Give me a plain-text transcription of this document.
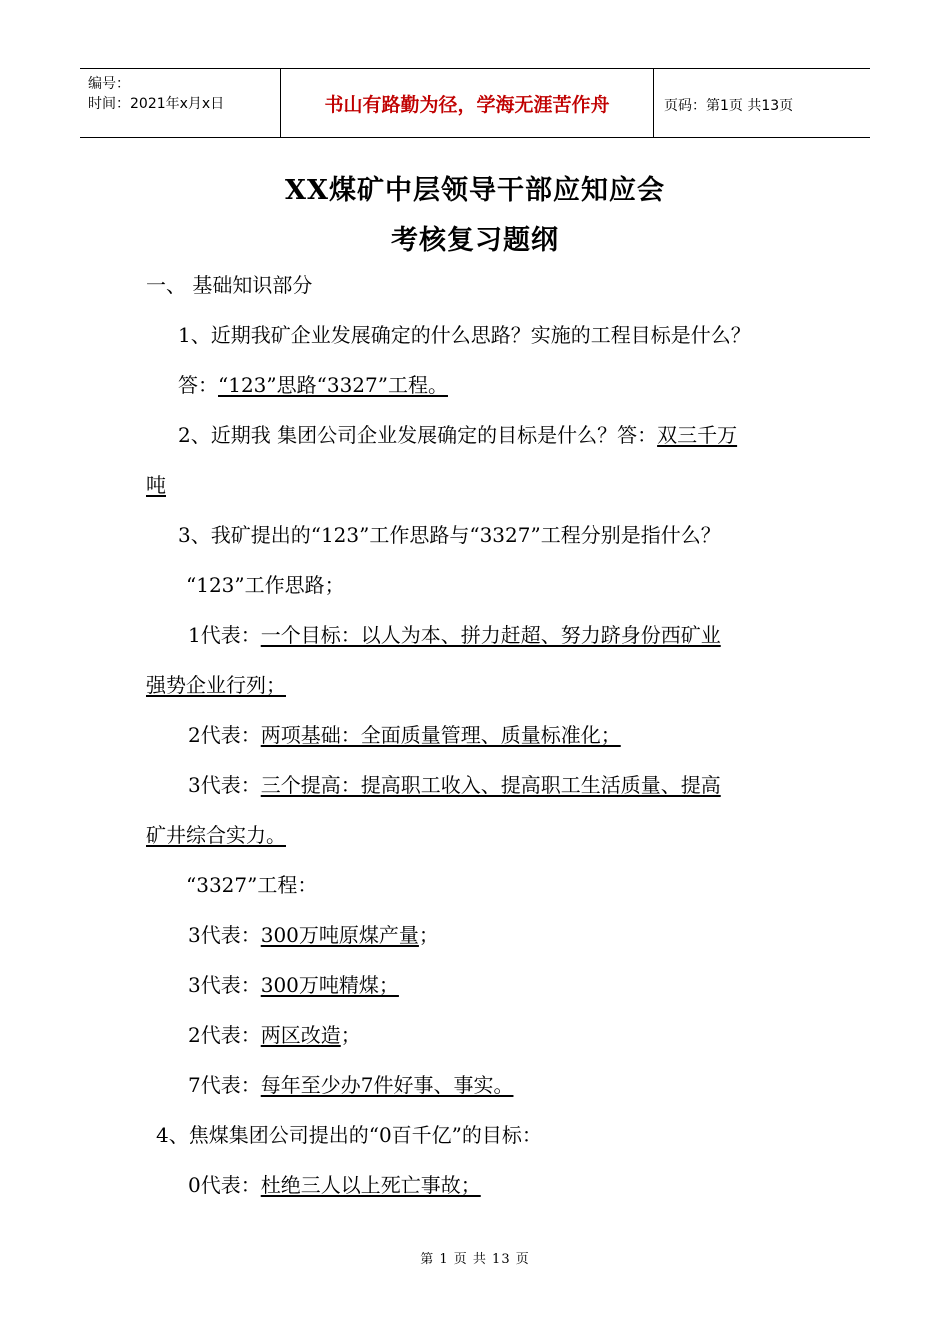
编号：
时间：2021年x月x日	书山有路勤为径，学海无涯苦作舟	页码：第1页 共13页
XX煤矿中层领导干部应知应会
考核复习题纲
一、 基础知识部分
1、近期我矿企业发展确定的什么思路？实施的工程目标是什么？
答：“123”思路“3327”工程。
2、近期我 集团公司企业发展确定的目标是什么？答：双三千万
吨
3、我矿提出的“123”工作思路与“3327”工程分别是指什么？
“123”工作思路；
1代表：一个目标：以人为本、拼力赶超、努力跻身份西矿业
强势企业行列；
2代表：两项基础：全面质量管理、质量标准化；
3代表：三个提高：提高职工收入、提高职工生活质量、提高
矿井综合实力。
“3327”工程：
3代表：300万吨原煤产量；
3代表：300万吨精煤；
2代表：两区改造；
7代表：每年至少办7件好事、事实。
4、焦煤集团公司提出的“0百千亿”的目标：
0代表：杜绝三人以上死亡事故；
第 1 页 共 13 页
